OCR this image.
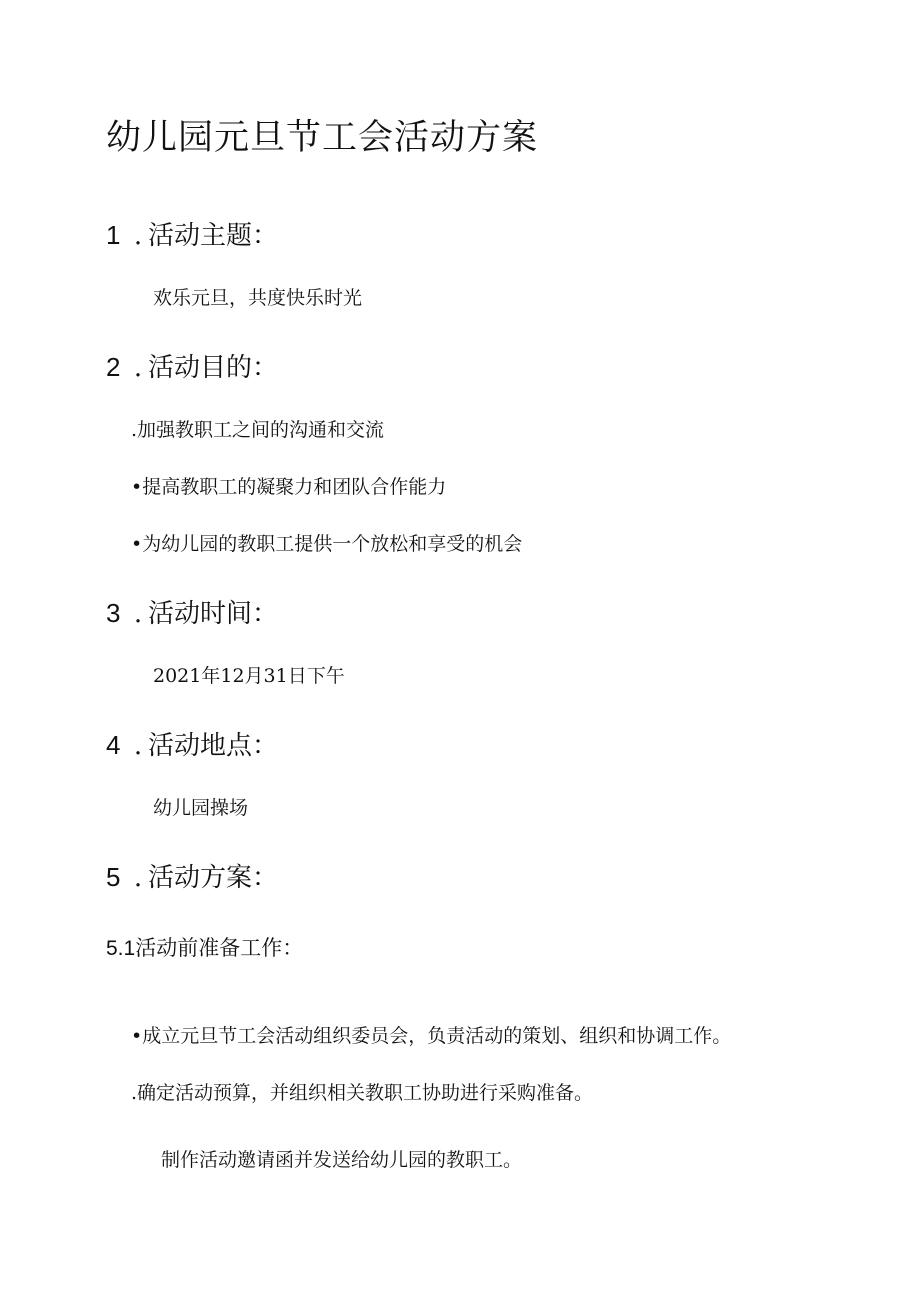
幼儿园元旦节工会活动方案
1 . 活动主题：
欢乐元旦，共度快乐时光
2 . 活动目的：
.加强教职工之间的沟通和交流
•提高教职工的凝聚力和团队合作能力
•为幼儿园的教职工提供一个放松和享受的机会
3 . 活动时间：
2021年12月31日下午
4 . 活动地点：
幼儿园操场
5 . 活动方案：
5.1活动前准备工作：
•成立元旦节工会活动组织委员会，负责活动的策划、组织和协调工作。
.确定活动预算，并组织相关教职工协助进行采购准备。
制作活动邀请函并发送给幼儿园的教职工。
